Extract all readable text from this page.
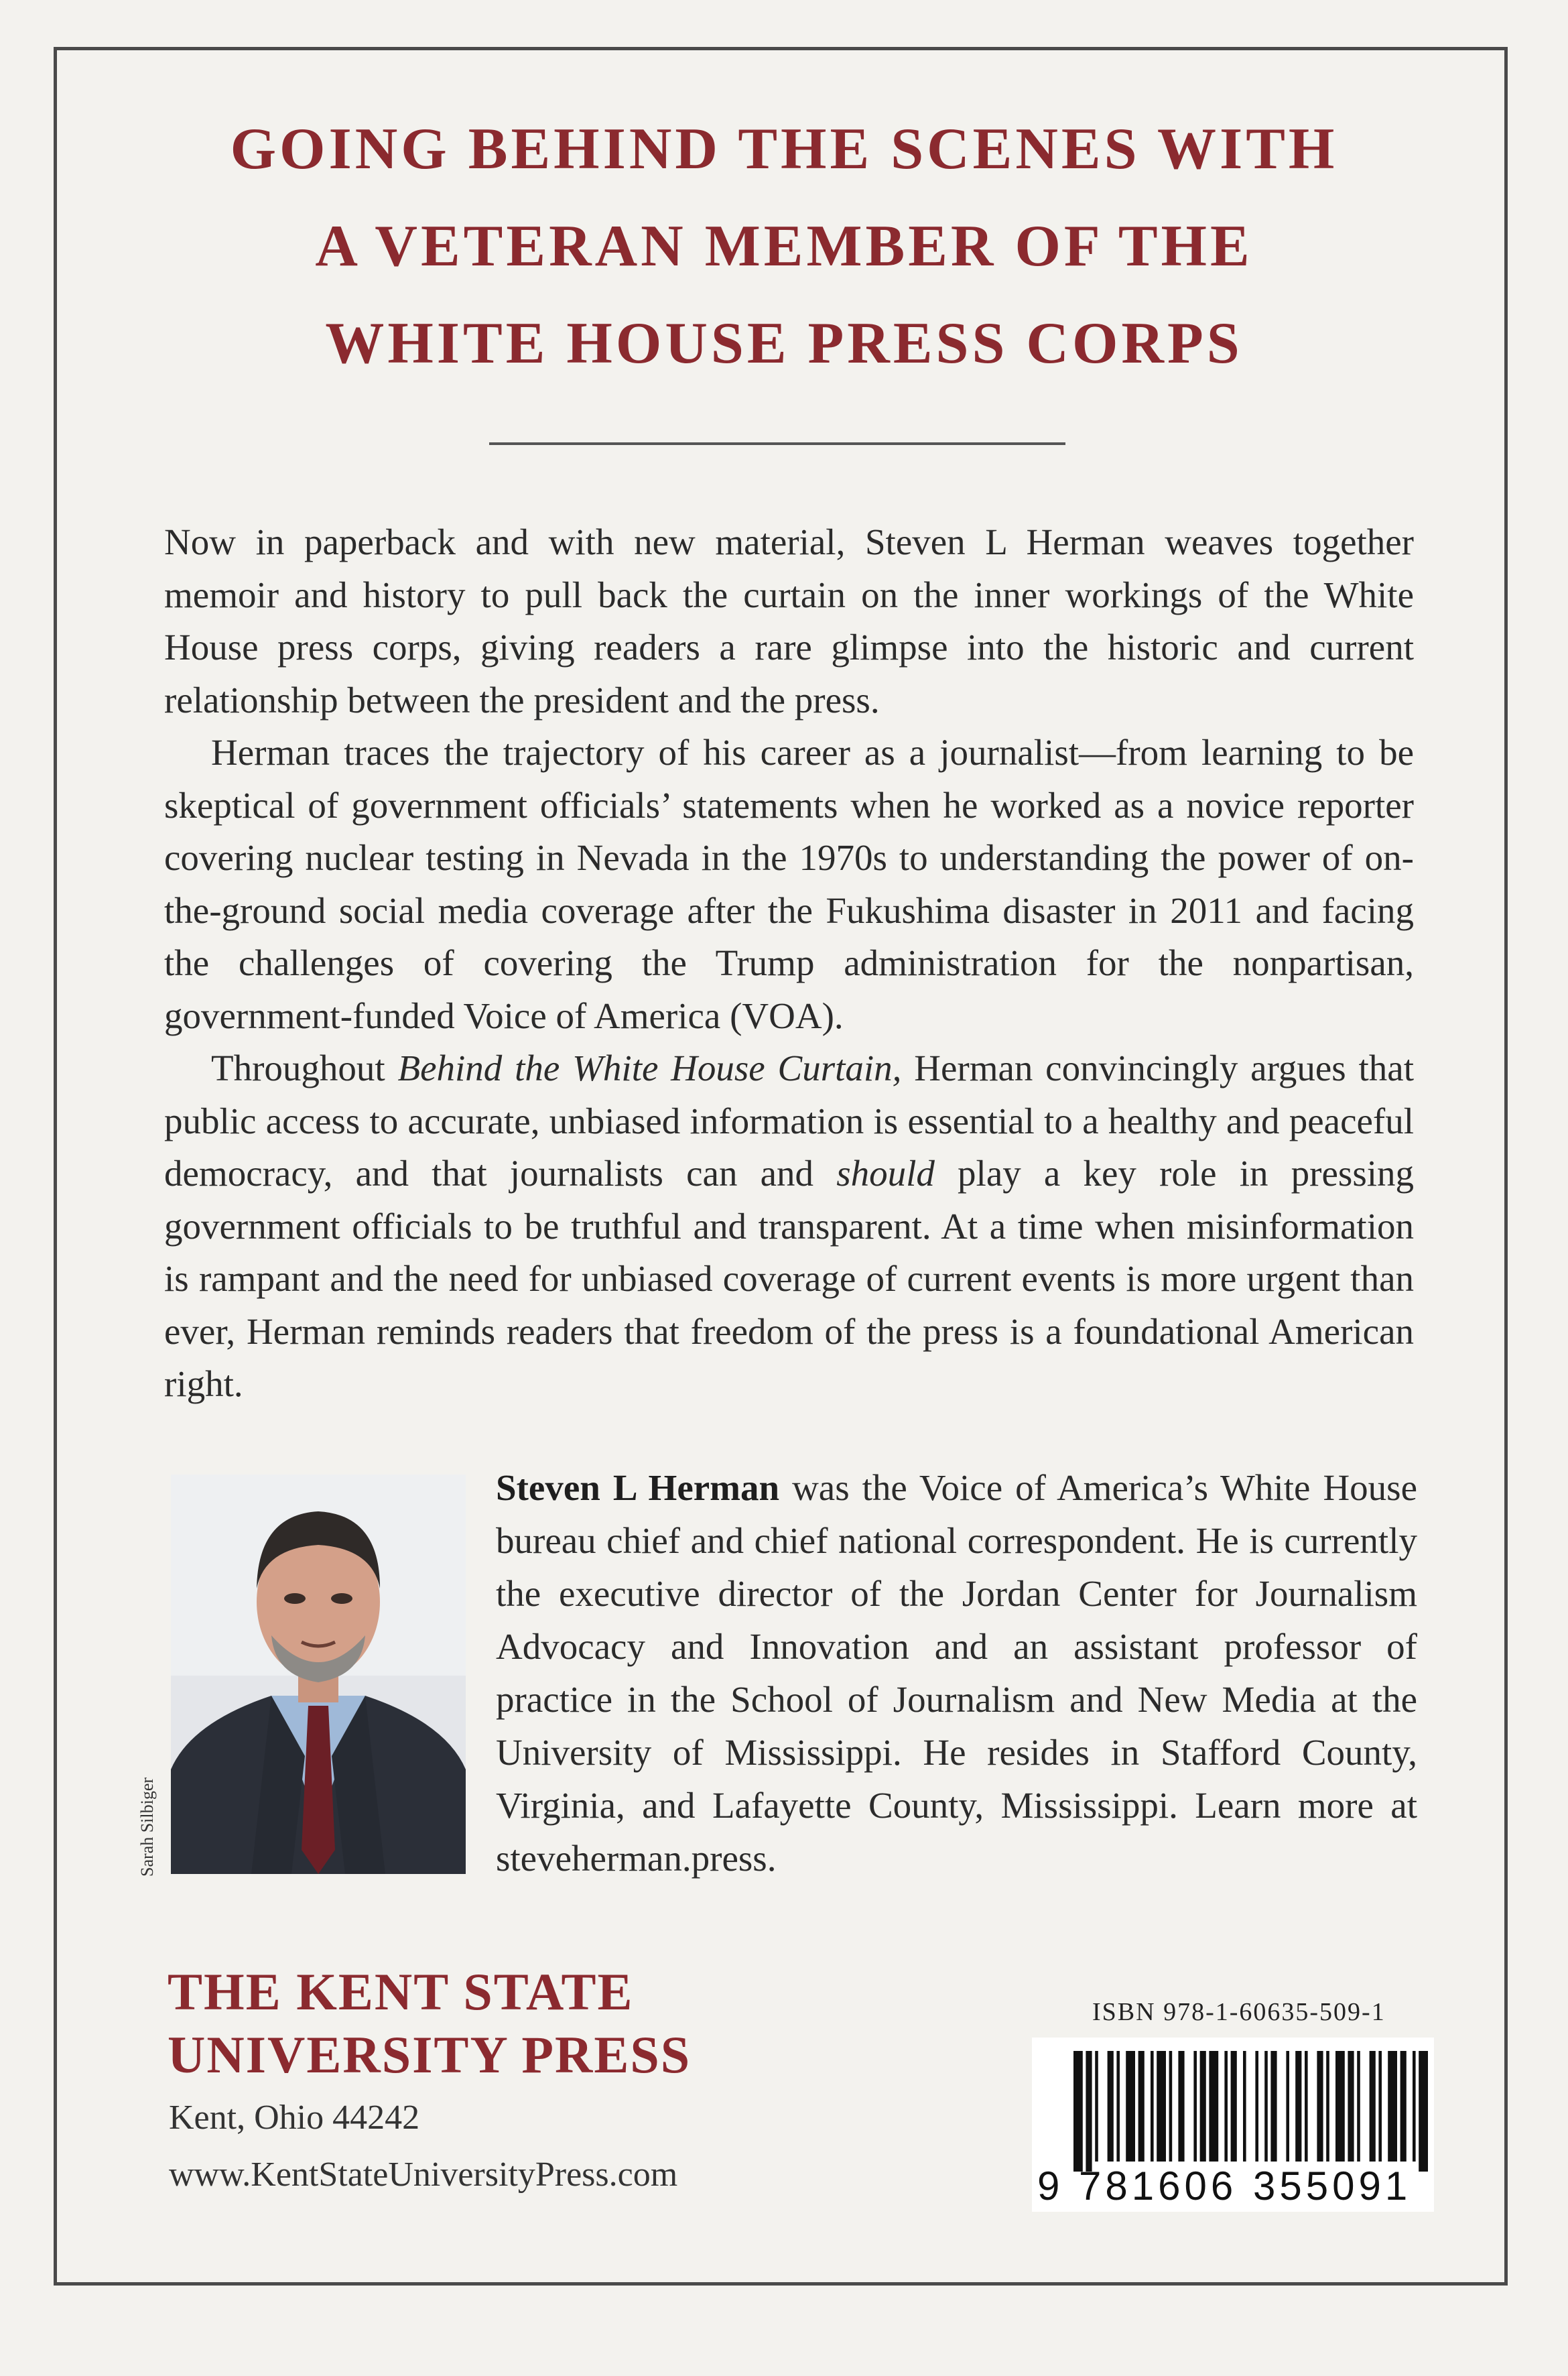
GOING BEHIND THE SCENES WITH
A VETERAN MEMBER OF THE
WHITE HOUSE PRESS CORPS

Now in paperback and with new material, Steven L Herman weaves together memoir and history to pull back the curtain on the inner workings of the White House press corps, giving readers a rare glimpse into the historic and current relationship between the president and the press.

Herman traces the trajectory of his career as a journalist—from learning to be skeptical of government officials’ statements when he worked as a novice reporter covering nuclear testing in Nevada in the 1970s to understanding the power of on-the-ground social media coverage after the Fukushima disaster in 2011 and facing the challenges of covering the Trump administration for the nonpartisan, government-funded Voice of America (VOA).

Throughout Behind the White House Curtain, Herman convincingly argues that public access to accurate, unbiased information is essential to a healthy and peaceful democracy, and that journalists can and should play a key role in pressing government officials to be truthful and transparent. At a time when misinformation is rampant and the need for unbiased coverage of current events is more urgent than ever, Herman reminds readers that freedom of the press is a foundational American right.

Sarah Silbiger
Steven L Herman was the Voice of America’s White House bureau chief and chief national correspondent. He is currently the executive director of the Jordan Center for Journalism Advocacy and Innovation and an assistant professor of practice in the School of Journalism and New Media at the University of Mississippi. He resides in Stafford County, Virginia, and Lafayette County, Mississippi. Learn more at steveherman.press.
THE KENT STATE
UNIVERSITY PRESS
Kent, Ohio 44242
www.KentStateUniversityPress.com
ISBN 978-1-60635-509-1
9 781606 355091
